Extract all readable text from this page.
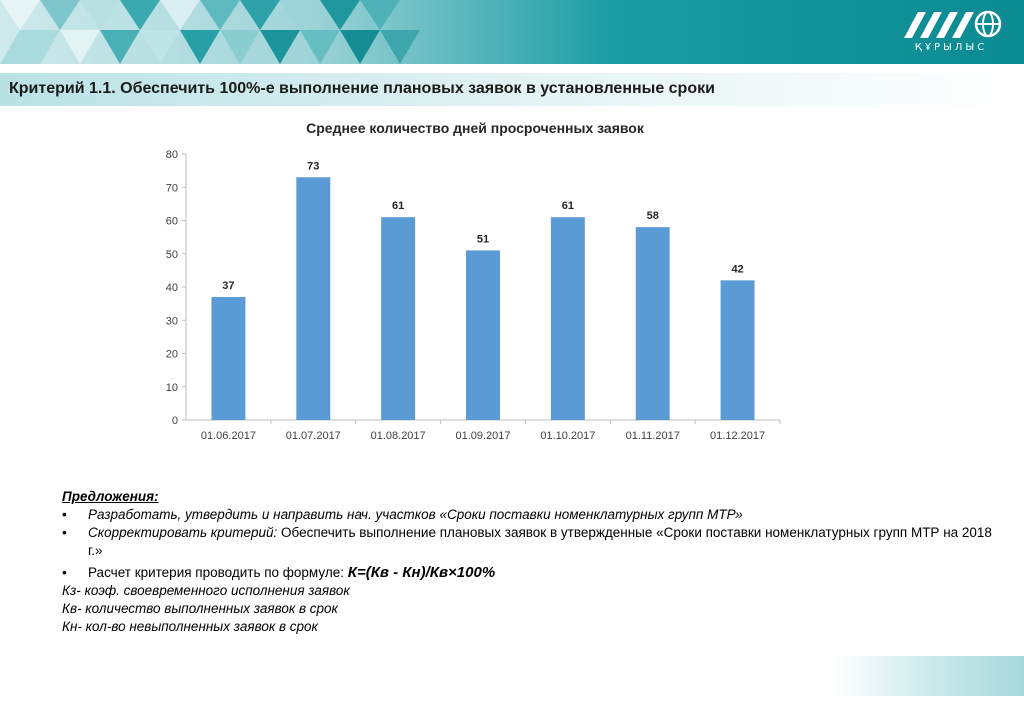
ҚҰРЫЛЫС
Критерий 1.1. Обеспечить 100%-е выполнение плановых заявок в установленные сроки
0
10
20
30
40
50
60
70
80
37
01.06.2017
73
01.07.2017
61
01.08.2017
51
01.09.2017
61
01.10.2017
58
01.11.2017
42
01.12.2017
Среднее количество дней просроченных заявок
Предложения:
•	Разработать, утвердить и направить нач. участков «Сроки поставки номенклатурных групп МТР»
•	Скорректировать критерий: Обеспечить выполнение плановых заявок в утвержденные «Сроки поставки номенклатурных групп МТР на 2018 г.»
•	Расчет критерия проводить по формуле: К=(Кв - Кн)/Кв×100%
Кз- коэф. своевременного исполнения заявок
Кв- количество выполненных заявок в срок
Кн- кол-во невыполненных заявок в срок
